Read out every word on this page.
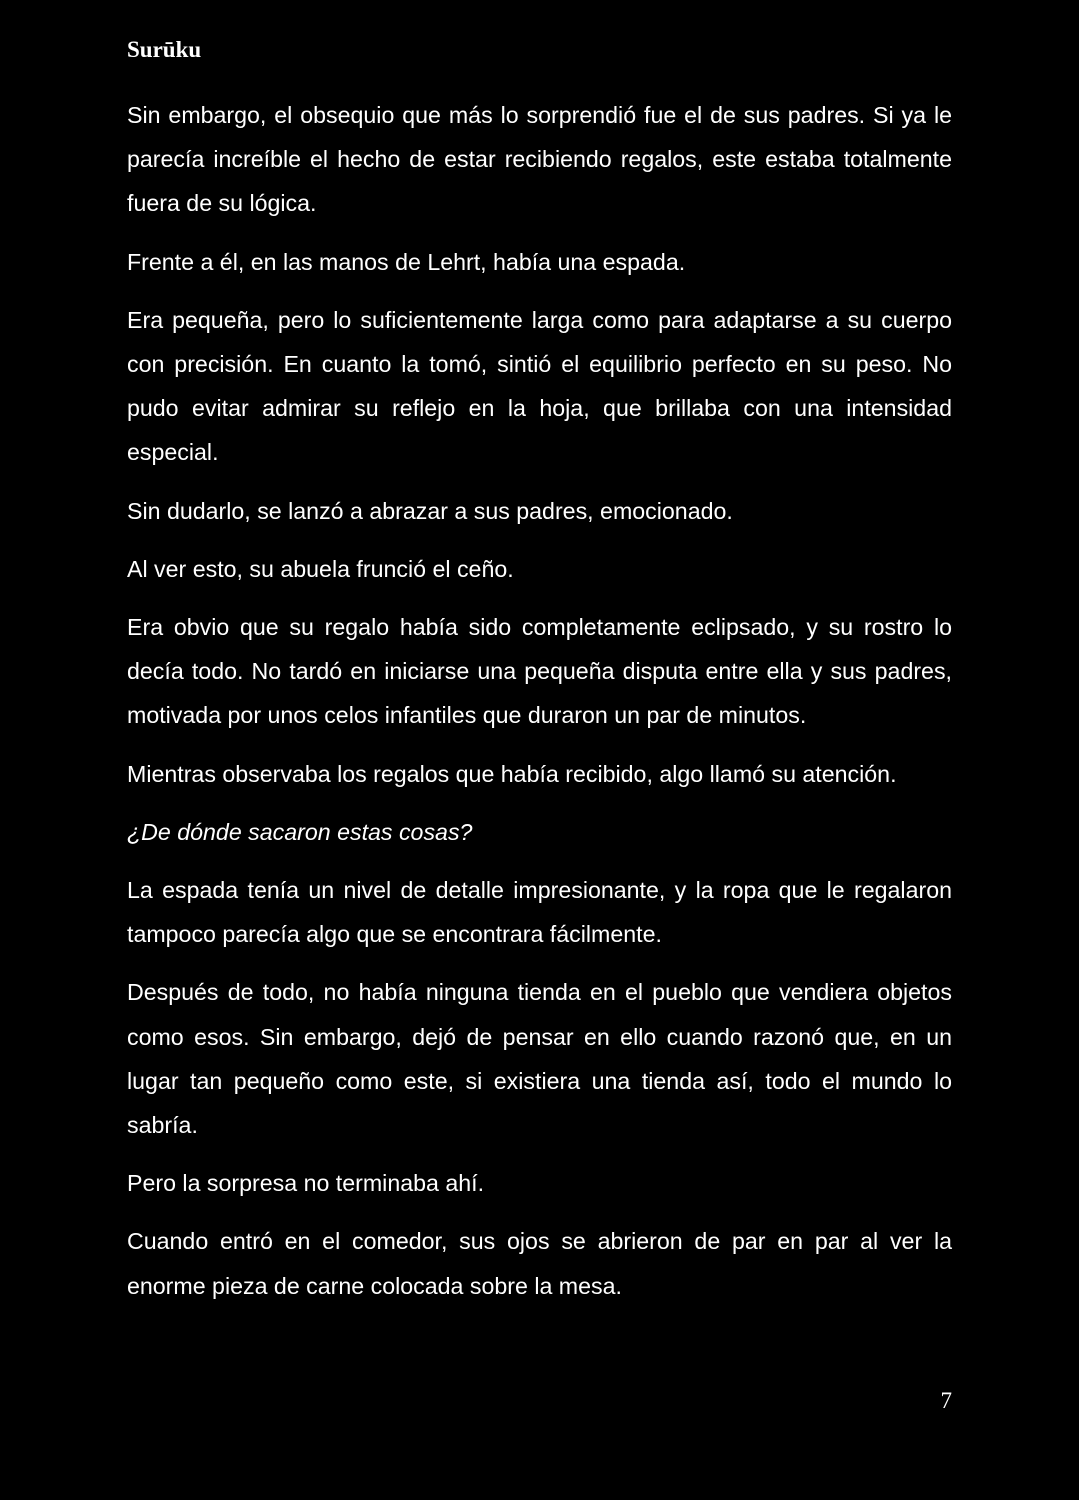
Surūku

Sin embargo, el obsequio que más lo sorprendió fue el de sus padres. Si ya le parecía increíble el hecho de estar recibiendo regalos, este estaba totalmente fuera de su lógica.

Frente a él, en las manos de Lehrt, había una espada.

Era pequeña, pero lo suficientemente larga como para adaptarse a su cuerpo con precisión. En cuanto la tomó, sintió el equilibrio perfecto en su peso. No pudo evitar admirar su reflejo en la hoja, que brillaba con una intensidad especial.

Sin dudarlo, se lanzó a abrazar a sus padres, emocionado.

Al ver esto, su abuela frunció el ceño.

Era obvio que su regalo había sido completamente eclipsado, y su rostro lo decía todo. No tardó en iniciarse una pequeña disputa entre ella y sus padres, motivada por unos celos infantiles que duraron un par de minutos.

Mientras observaba los regalos que había recibido, algo llamó su atención.

¿De dónde sacaron estas cosas?

La espada tenía un nivel de detalle impresionante, y la ropa que le regalaron tampoco parecía algo que se encontrara fácilmente.

Después de todo, no había ninguna tienda en el pueblo que vendiera objetos como esos. Sin embargo, dejó de pensar en ello cuando razonó que, en un lugar tan pequeño como este, si existiera una tienda así, todo el mundo lo sabría.

Pero la sorpresa no terminaba ahí.

Cuando entró en el comedor, sus ojos se abrieron de par en par al ver la enorme pieza de carne colocada sobre la mesa.

7
